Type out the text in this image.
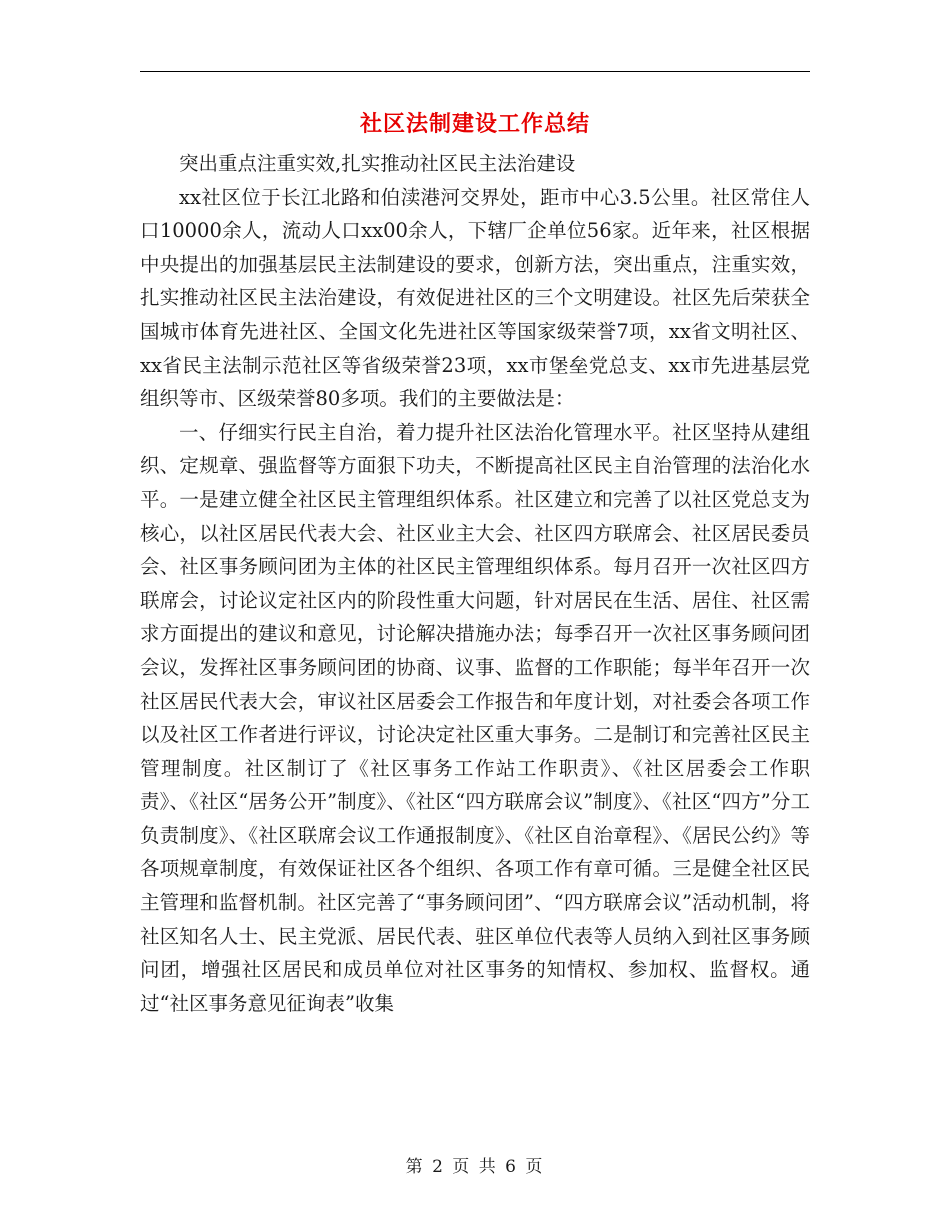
社区法制建设工作总结

突出重点注重实效,扎实推动社区民主法治建设

xx社区位于长江北路和伯渎港河交界处，距市中心3.5公里。社区常住人口10000余人，流动人口xx00余人，下辖厂企单位56家。近年来，社区根据中央提出的加强基层民主法制建设的要求，创新方法，突出重点，注重实效，扎实推动社区民主法治建设，有效促进社区的三个文明建设。社区先后荣获全国城市体育先进社区、全国文化先进社区等国家级荣誉7项，xx省文明社区、xx省民主法制示范社区等省级荣誉23项，xx市堡垒党总支、xx市先进基层党组织等市、区级荣誉80多项。我们的主要做法是：

一、仔细实行民主自治，着力提升社区法治化管理水平。社区坚持从建组织、定规章、强监督等方面狠下功夫，不断提高社区民主自治管理的法治化水平。一是建立健全社区民主管理组织体系。社区建立和完善了以社区党总支为核心，以社区居民代表大会、社区业主大会、社区四方联席会、社区居民委员会、社区事务顾问团为主体的社区民主管理组织体系。每月召开一次社区四方联席会，讨论议定社区内的阶段性重大问题，针对居民在生活、居住、社区需求方面提出的建议和意见，讨论解决措施办法；每季召开一次社区事务顾问团会议，发挥社区事务顾问团的协商、议事、监督的工作职能；每半年召开一次社区居民代表大会，审议社区居委会工作报告和年度计划，对社委会各项工作以及社区工作者进行评议，讨论决定社区重大事务。二是制订和完善社区民主管理制度。社区制订了《社区事务工作站工作职责》、《社区居委会工作职责》、《社区“居务公开”制度》、《社区“四方联席会议”制度》、《社区“四方”分工负责制度》、《社区联席会议工作通报制度》、《社区自治章程》、《居民公约》等各项规章制度，有效保证社区各个组织、各项工作有章可循。三是健全社区民主管理和监督机制。社区完善了“事务顾问团”、“四方联席会议”活动机制，将社区知名人士、民主党派、居民代表、驻区单位代表等人员纳入到社区事务顾问团，增强社区居民和成员单位对社区事务的知情权、参加权、监督权。通过“社区事务意见征询表”收集

第 2 页 共 6 页
